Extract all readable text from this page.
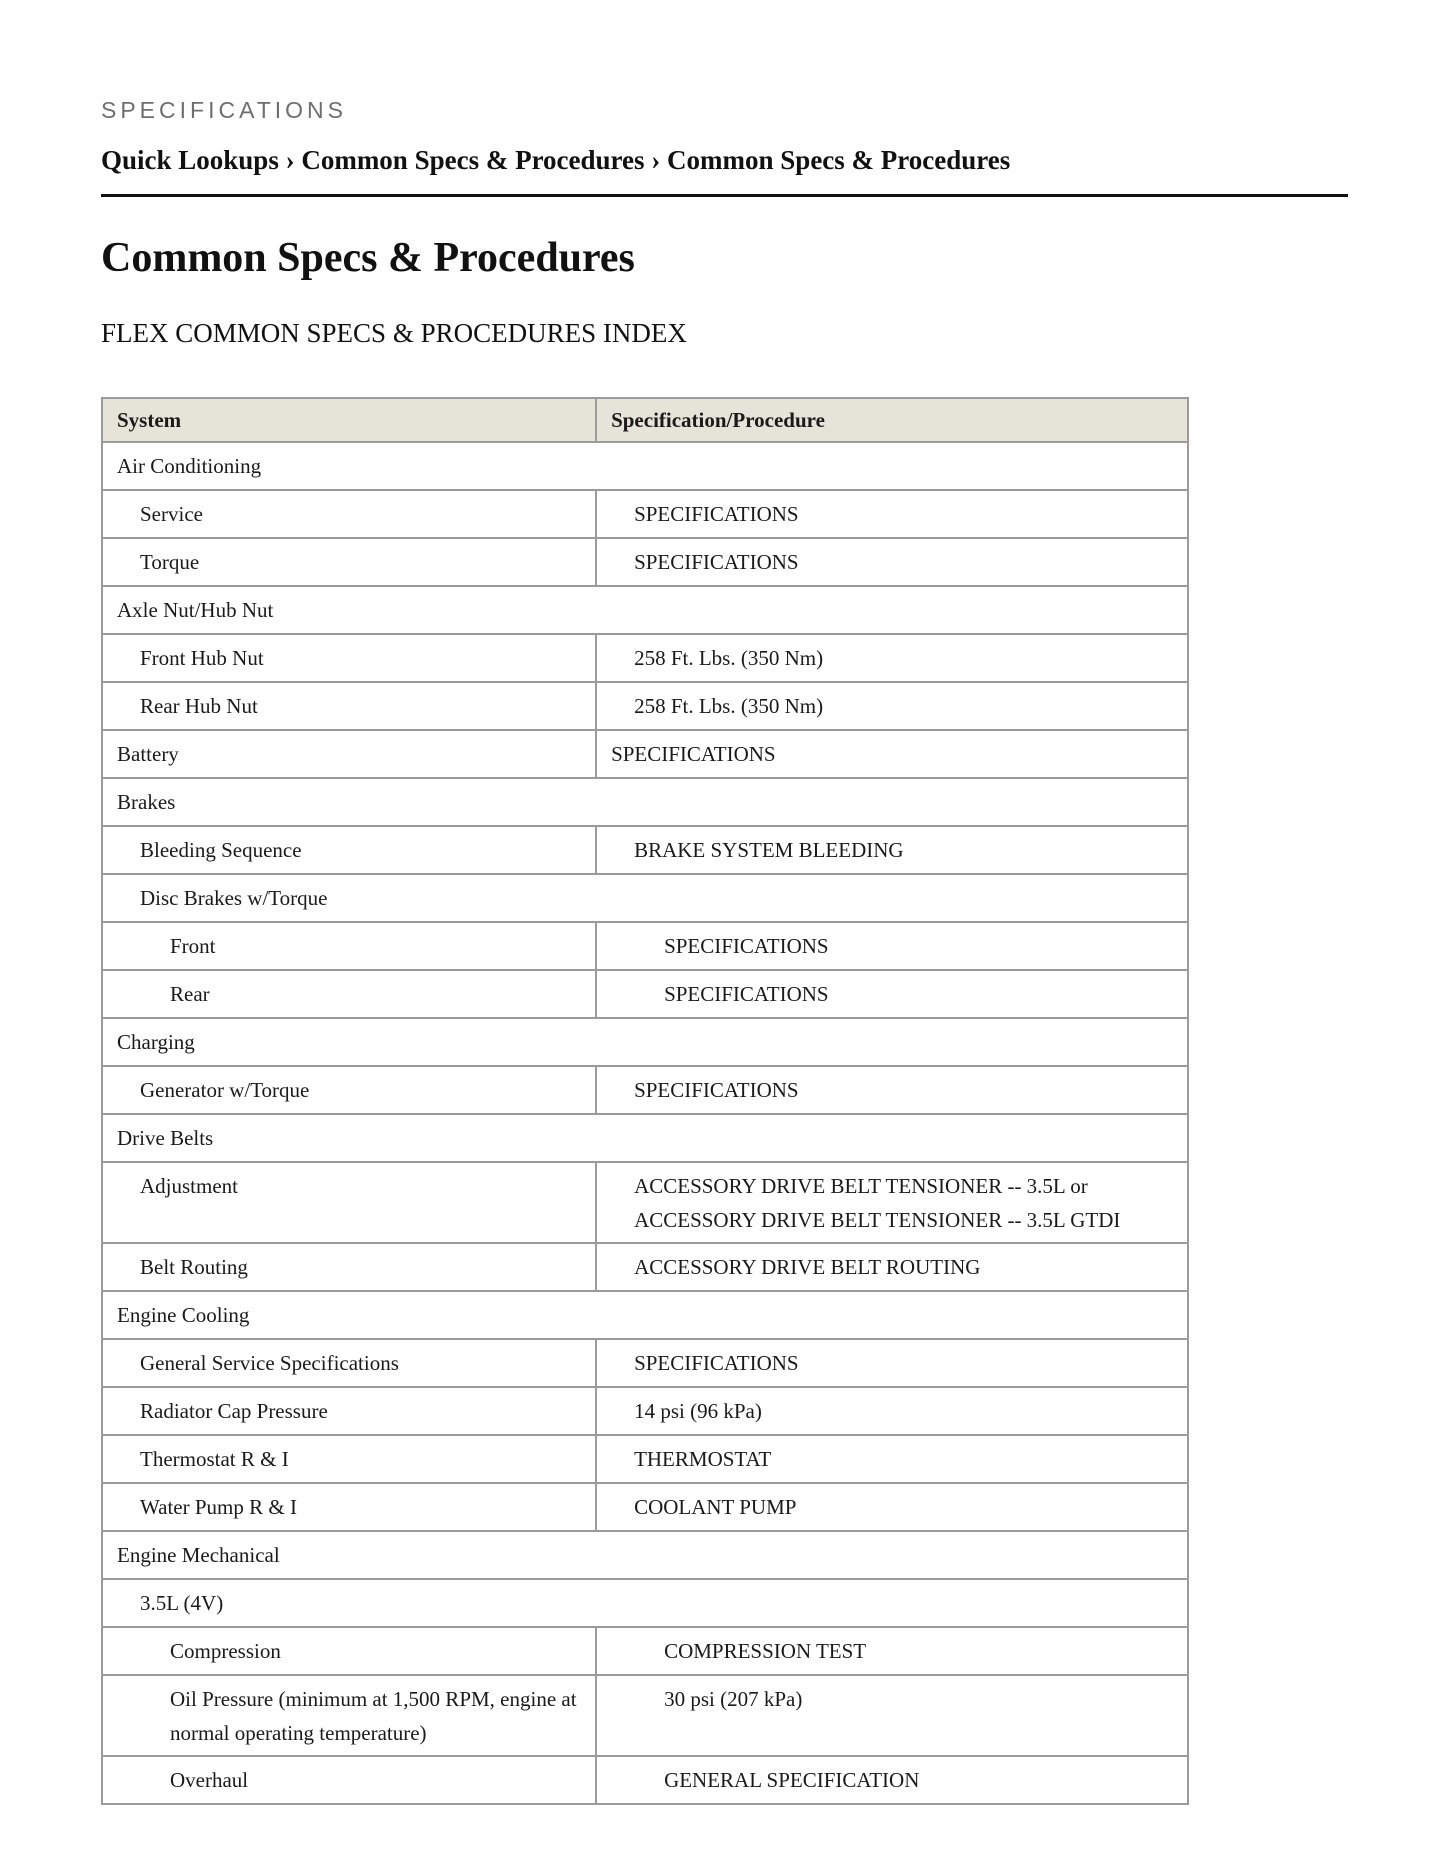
SPECIFICATIONS

Quick Lookups › Common Specs & Procedures › Common Specs & Procedures
Common Specs & Procedures
FLEX COMMON SPECS & PROCEDURES INDEX
System	Specification/Procedure
Air Conditioning	
Service	SPECIFICATIONS
Torque	SPECIFICATIONS
Axle Nut/Hub Nut	
Front Hub Nut	258 Ft. Lbs. (350 Nm)
Rear Hub Nut	258 Ft. Lbs. (350 Nm)
Battery	SPECIFICATIONS
Brakes	
Bleeding Sequence	BRAKE SYSTEM BLEEDING
Disc Brakes w/Torque	
Front	SPECIFICATIONS
Rear	SPECIFICATIONS
Charging	
Generator w/Torque	SPECIFICATIONS
Drive Belts	
Adjustment	ACCESSORY DRIVE BELT TENSIONER -- 3.5L or ACCESSORY DRIVE BELT TENSIONER -- 3.5L GTDI
Belt Routing	ACCESSORY DRIVE BELT ROUTING
Engine Cooling	
General Service Specifications	SPECIFICATIONS
Radiator Cap Pressure	14 psi (96 kPa)
Thermostat R & I	THERMOSTAT
Water Pump R & I	COOLANT PUMP
Engine Mechanical	
3.5L (4V)	
Compression	COMPRESSION TEST
Oil Pressure (minimum at 1,500 RPM, engine at normal operating temperature)	30 psi (207 kPa)
Overhaul	GENERAL SPECIFICATION
